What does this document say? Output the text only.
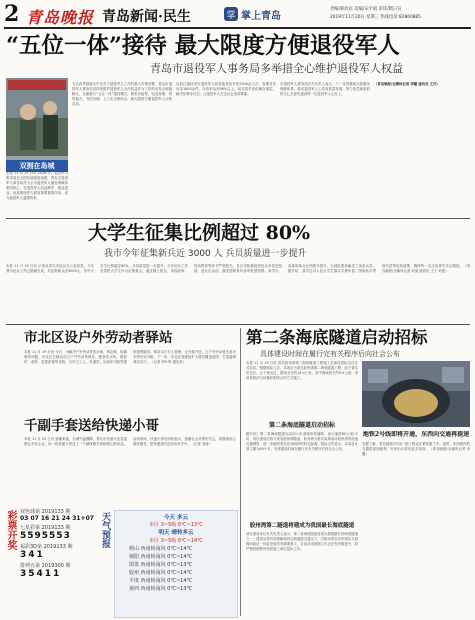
2 青岛晚报 青岛新闻·民生	掌 掌上青岛
责编/韩欣京 美编/宋平娟 审读/隋日宣
2019年11月20日 星期三 热线电话:82860885
“五位一体”接待 最大限度方便退役军人
青岛市退役军人事务局多举措全心维护退役军人权益
双拥在岛城
本报 11 月 19 日讯 2018 年，退役军人事务局在全国各地陆续组建，青岛市退役军人事务局作为全市退役军人服务保障体系的核心，在退役军人权益维护、就业创业、优抚褒扬等方面发挥着重要作用，成为退役军人温暖的家。
为认真贯彻落实中央关于退役军人工作的重大决策部署，青岛市退役军人事务局坚持把维护退役军人合法权益作为工作的出发点和落脚点，全面推行“五位一体”接待模式，即来访接待、电话受理、网络留言、书信办理、上门走访相结合，最大限度方便退役军人反映诉求。
目前已接待来访退役军人和其他优抚对象2300余人次，受理各类诉求1800余件，办结率达到98%以上，切实将矛盾化解在基层、解决在萌芽状态，让退役军人在全社会受到尊重。
市退役军人事务局有关负责人表示，下一步将继续完善服务保障体系，推动退役军人工作高质量发展，努力把党和政府的关心关爱传递到每一位退役军人心坎上。
（青岛晚报/全媒体记者 李璐 通讯员 王兴）
大学生征集比例超过 80%
我市今年征集新兵近 3000 人 兵员质量进一步提升
本报 11 月 19 日讯 记者从青岛市征兵办公室获悉，今年我市征兵工作已圆满完成，共征集新兵近3000人，其中大学生比例超过80%，兵员质量进一步提升。今年征兵工作坚持把大学生作为征集重点，通过网上报名、体检政审、役前教育等环节严格把关。各区市积极组织征兵宣传进校园、进社区活动，激发适龄青年参军报国热情。高学历、高素质新兵比例逐年提升，为部队建设输送了优质兵员。据介绍，我市还对入伍大学生落实学费补偿、国家助学贷款代偿等优待政策，确保每一名应征青年安心服役。（青岛晚报/全媒体记者 刘美 通讯员 王宁 刘建）
市北区设户外劳动者驿站
本报 11 月 19 日讯 今日，为解决户外劳动者饮水难、休息难、如厕难等问题，市北区在辖区设立户外劳动者驿站，配备饮水机、微波炉、桌椅、急救药箱等设施，为环卫工人、快递员、出租车司机等提供便利服务。驿站实行专人管理，全天候开放，让户外劳动者在寒冷冬季有处可歇。下一步，市北区将继续扩大驿站覆盖范围，打造温暖城市名片。（记者 李叶鸣 通讯员）
千副手套送给快递小哥
本报 11 月 19 日讯 寒潮来袭，岛城气温骤降。青岛市快递行业党委联合多家企业，向一线快递小哥送上一千副保暖手套和暖心慰问品。活动现场，快递小哥们纷纷表示，感谢社会各界的关心，将继续用心做好服务，把快递及时送到市民手中。（记者 刘涛）
彩票开奖 双色球第 2019133 期
03 07 16 21 24 31+07
七星彩第 2019133 期
5595553
福彩3D第 2019133 期
341
排列五第 2019300 期
35411
天气预报	今天 多云
市区 3~5级 6℃~13℃
明天 晴转多云
市区 3~5级 6℃~14℃
崂山 西南转南风 0℃~14℃
城阳 西南转南风 0℃~14℃
即墨 西南转南风 0℃~13℃
胶州 西南转南风 0℃~14℃
平度 西南转南风 0℃~14℃
莱西 西南转南风 0℃~13℃
第二条海底隧道启动招标
具体建设时间在履行完有关程序后向社会公布
本报 11 月 19 日讯 青岛胶州湾第二海底隧道工程施工总承包招标近日正式启动。根据招标公告，本项目为青岛胶州湾第二海底隧道工程，起于青岛市北区，止于黄岛区，路线全长约14.4公里，其中海域段长约9.9公里，采用盾构法与钻爆法相结合的方式施工。
第二条海底隧道启动招标
据介绍，第二条海底隧道为双向六车道城市快速路，设计速度80公里/小时。项目建成后将与现有胶州湾隧道、胶州湾大桥共同构成环胶州湾的快速交通网络，进一步缩短青岛东西两岸的时空距离。招标文件显示，本项目计划工期为60个月，具体建设时间在履行完有关程序后向社会公布。
胶州湾第二隧道将建成为我国最长海底隧道
项目建设单位有关负责人表示，第二条海底隧道将成为我国最长的海底隧道之一，建成后将有效缓解现有过海通道交通压力，对推动青岛东岸城区与西海岸新区一体化发展具有重要意义。目前各项前期工作正在有序推进中，将严格按照程序组织施工单位招标工作。
地铁2号线即将开通，东西向交通再提速
另据了解，青岛地铁2号线一期工程也在紧张施工中。届时，东西两岸的交通将更加便利，市民出行将有更多选择。（青岛晚报/全媒体记者 李璐）
